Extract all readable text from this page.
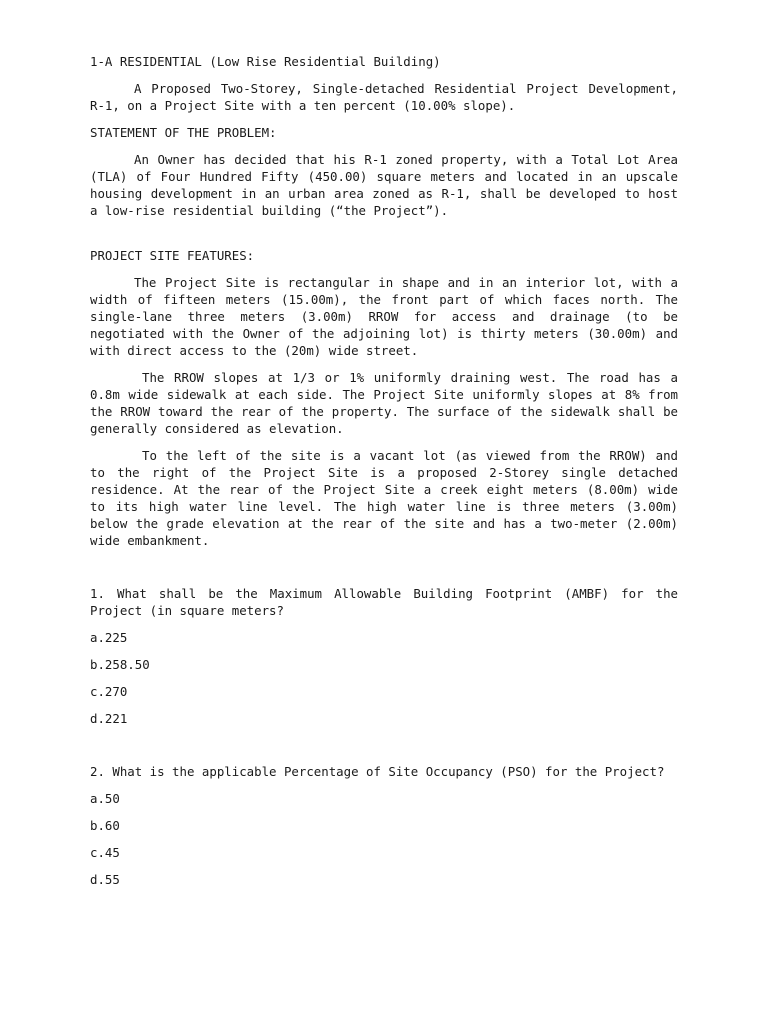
1-A RESIDENTIAL (Low Rise Residential Building)

A Proposed Two-Storey, Single-detached Residential Project Development, R-1, on a Project Site with a ten percent (10.00% slope).

STATEMENT OF THE PROBLEM:

An Owner has decided that his R-1 zoned property, with a Total Lot Area (TLA) of Four Hundred Fifty (450.00) square meters and located in an upscale housing development in an urban area zoned as R-1, shall be developed to host a low-rise residential building (“the Project”).

PROJECT SITE FEATURES:

The Project Site is rectangular in shape and in an interior lot, with a width of fifteen meters (15.00m), the front part of which faces north. The single-lane three meters (3.00m) RROW for access and drainage (to be negotiated with the Owner of the adjoining lot) is thirty meters (30.00m) and with direct access to the (20m) wide street.

The RROW slopes at 1/3 or 1% uniformly draining west. The road has a 0.8m wide sidewalk at each side. The Project Site uniformly slopes at 8% from the RROW toward the rear of the property. The surface of the sidewalk shall be generally considered as elevation.

To the left of the site is a vacant lot (as viewed from the RROW) and to the right of the Project Site is a proposed 2-Storey single detached residence. At the rear of the Project Site a creek eight meters (8.00m) wide to its high water line level. The high water line is three meters (3.00m) below the grade elevation at the rear of the site and has a two-meter (2.00m) wide embankment.

1. What shall be the Maximum Allowable Building Footprint (AMBF) for the Project (in square meters?
a.225
b.258.50
c.270
d.221
2. What is the applicable Percentage of Site Occupancy (PSO) for the Project?
a.50
b.60
c.45
d.55
